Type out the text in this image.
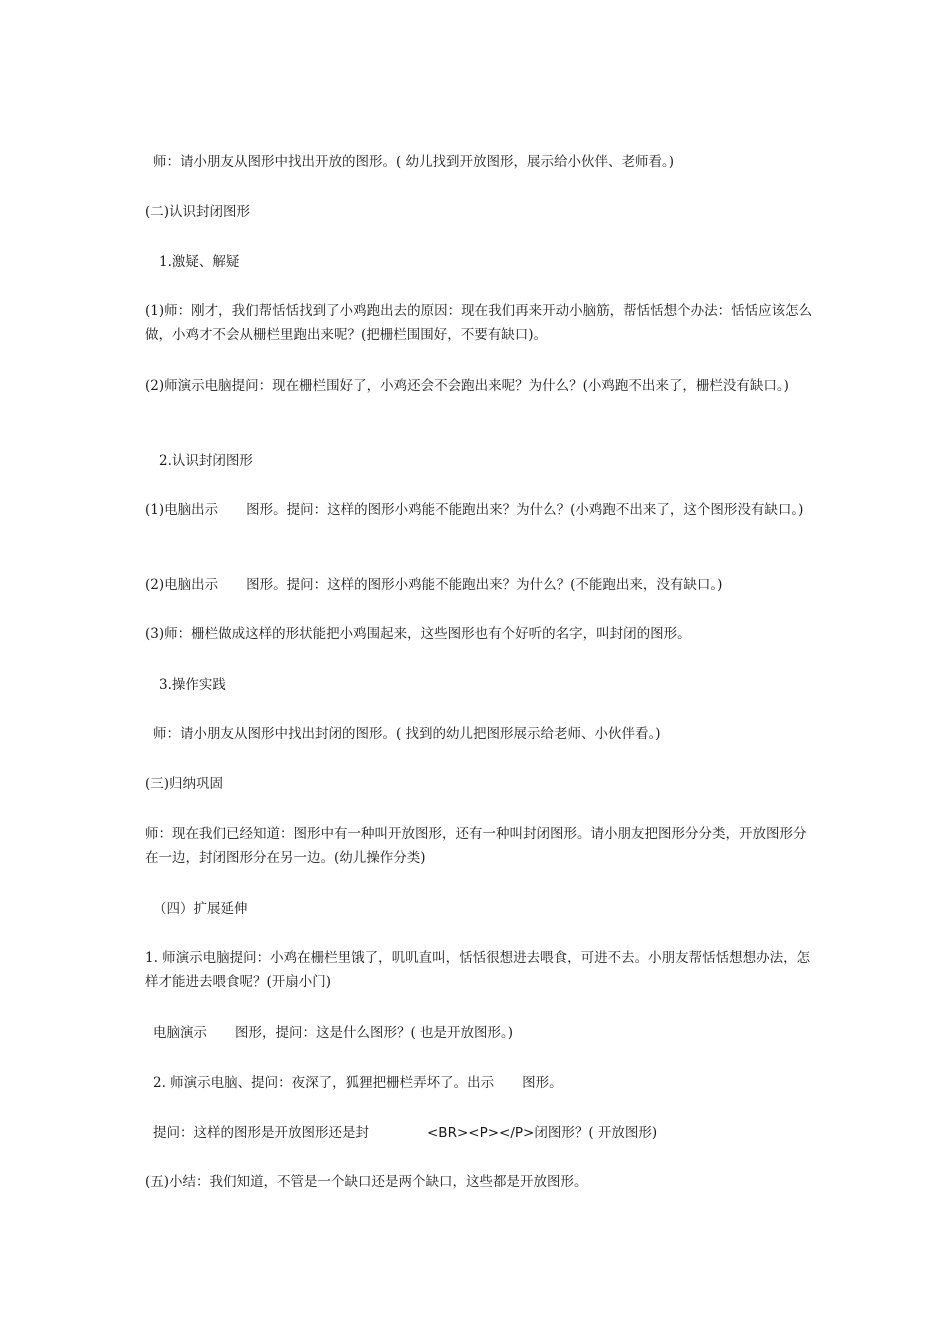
师：请小朋友从图形中找出开放的图形。( 幼儿找到开放图形，展示给小伙伴、老师看。)

(二)认识封闭图形

1.激疑、解疑

(1)师：刚才，我们帮恬恬找到了小鸡跑出去的原因：现在我们再来开动小脑筋，帮恬恬想个办法：恬恬应该怎么做，小鸡才不会从栅栏里跑出来呢？(把栅栏围围好，不要有缺口)。

(2)师演示电脑提问：现在栅栏围好了，小鸡还会不会跑出来呢？为什么？(小鸡跑不出来了，栅栏没有缺口。)

2.认识封闭图形

(1)电脑出示 图形。提问：这样的图形小鸡能不能跑出来？为什么？(小鸡跑不出来了，这个图形没有缺口。)

(2)电脑出示 图形。提问：这样的图形小鸡能不能跑出来？为什么？(不能跑出来，没有缺口。)

(3)师：栅栏做成这样的形状能把小鸡围起来，这些图形也有个好听的名字，叫封闭的图形。

3.操作实践

师：请小朋友从图形中找出封闭的图形。( 找到的幼儿把图形展示给老师、小伙伴看。)

(三)归纳巩固

师：现在我们已经知道：图形中有一种叫开放图形，还有一种叫封闭图形。请小朋友把图形分分类，开放图形分在一边，封闭图形分在另一边。(幼儿操作分类)

（四）扩展延伸

1. 师演示电脑提问：小鸡在栅栏里饿了，叽叽直叫，恬恬很想进去喂食，可进不去。小朋友帮恬恬想想办法，怎样才能进去喂食呢？(开扇小门)

电脑演示 图形，提问：这是什么图形？( 也是开放图形。)

2. 师演示电脑、提问：夜深了，狐狸把栅栏弄坏了。出示 图形。

提问：这样的图形是开放图形还是封	<BR><P></P>闭图形？( 开放图形)

(五)小结：我们知道，不管是一个缺口还是两个缺口，这些都是开放图形。
